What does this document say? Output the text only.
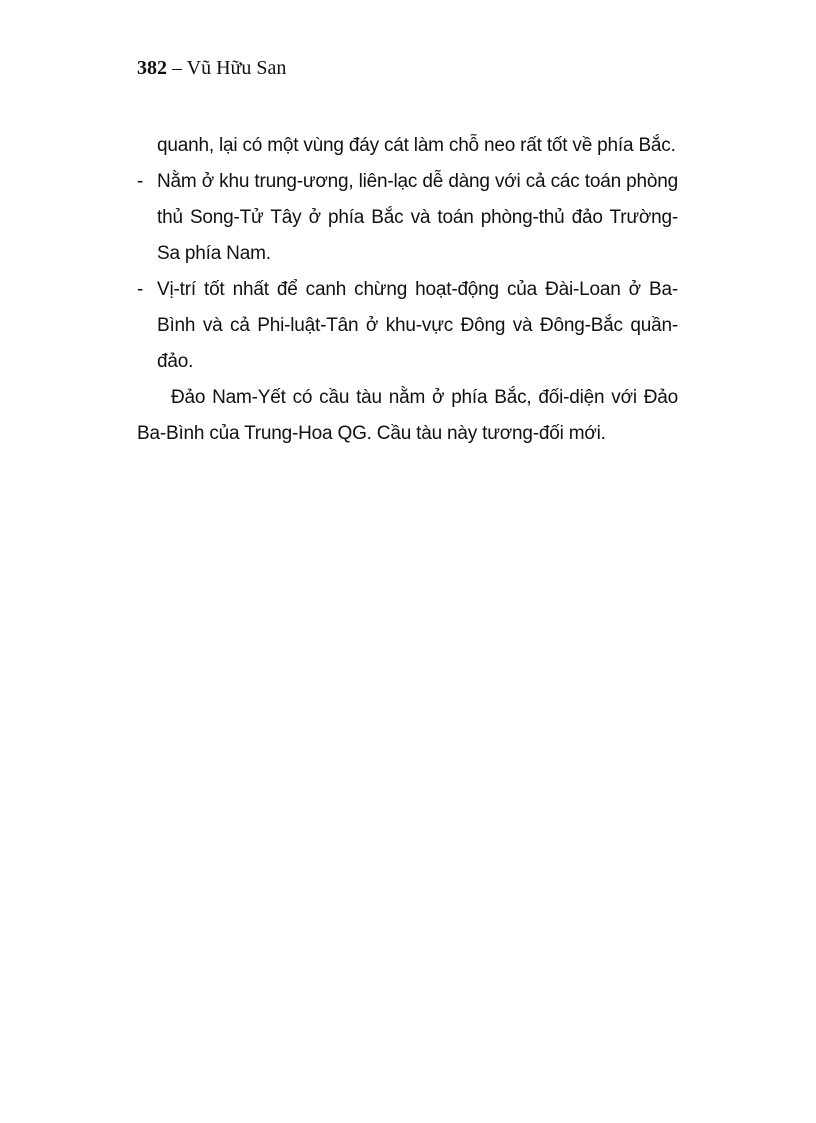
382 – Vũ Hữu San

quanh, lại có một vùng đáy cát làm chỗ neo rất tốt về phía Bắc.

- Nằm ở khu trung-ương, liên-lạc dễ dàng với cả các toán phòng thủ Song-Tử Tây ở phía Bắc và toán phòng-thủ đảo Trường-Sa phía Nam.

- Vị-trí tốt nhất để canh chừng hoạt-động của Đài-Loan ở Ba-Bình và cả Phi-luật-Tân ở khu-vực Đông và Đông-Bắc quần-đảo.

Đảo Nam-Yết có cầu tàu nằm ở phía Bắc, đối-diện với Đảo Ba-Bình của Trung-Hoa QG. Cầu tàu này tương-đối mới.
